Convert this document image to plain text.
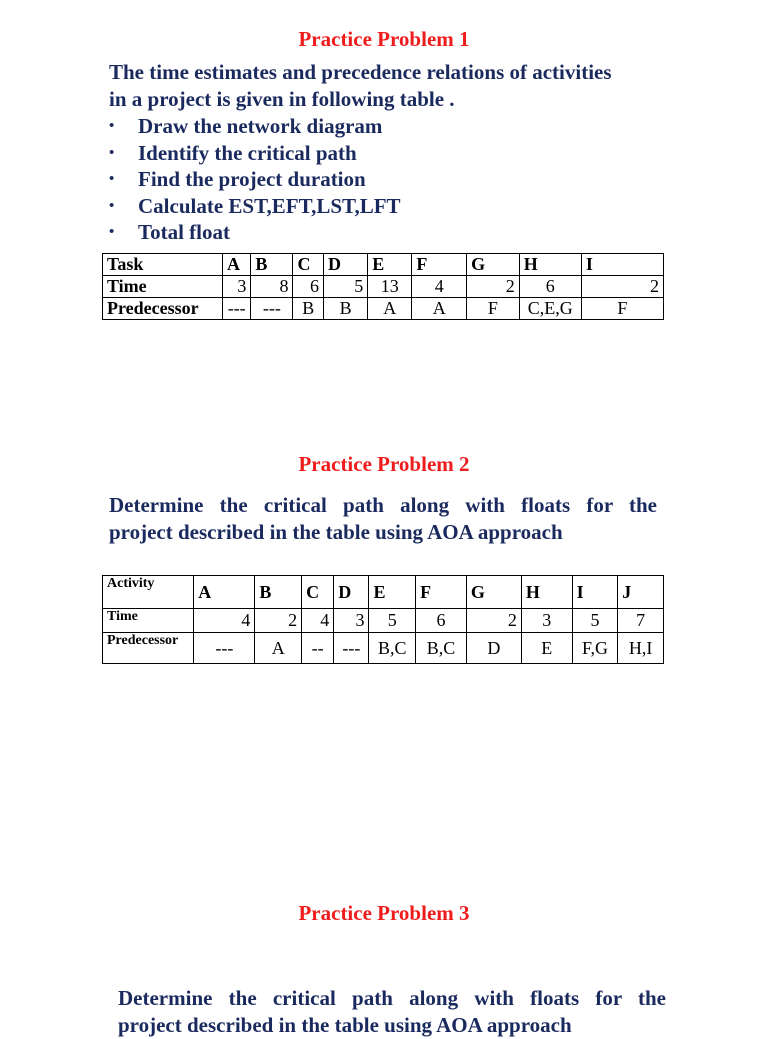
Practice Problem 1
The time estimates and precedence relations of activities
in a project is given in following table .
• Draw the network diagram
• Identify the critical path
• Find the project duration
• Calculate EST,EFT,LST,LFT
• Total float
Task	A	B	C	D	E	F	G	H	I
Time	3	8	6	5	13	4	2	6	2
Predecessor	---	---	B	B	A	A	F	C,E,G	F
Practice Problem 2
Determine the critical path along with floats for the
project described in the table using AOA approach
Activity	A	B	C	D	E	F	G	H	I	J
Time	4	2	4	3	5	6	2	3	5	7
Predecessor	---	A	--	---	B,C	B,C	D	E	F,G	H,I
Practice Problem 3
Determine the critical path along with floats for the
project described in the table using AOA approach
